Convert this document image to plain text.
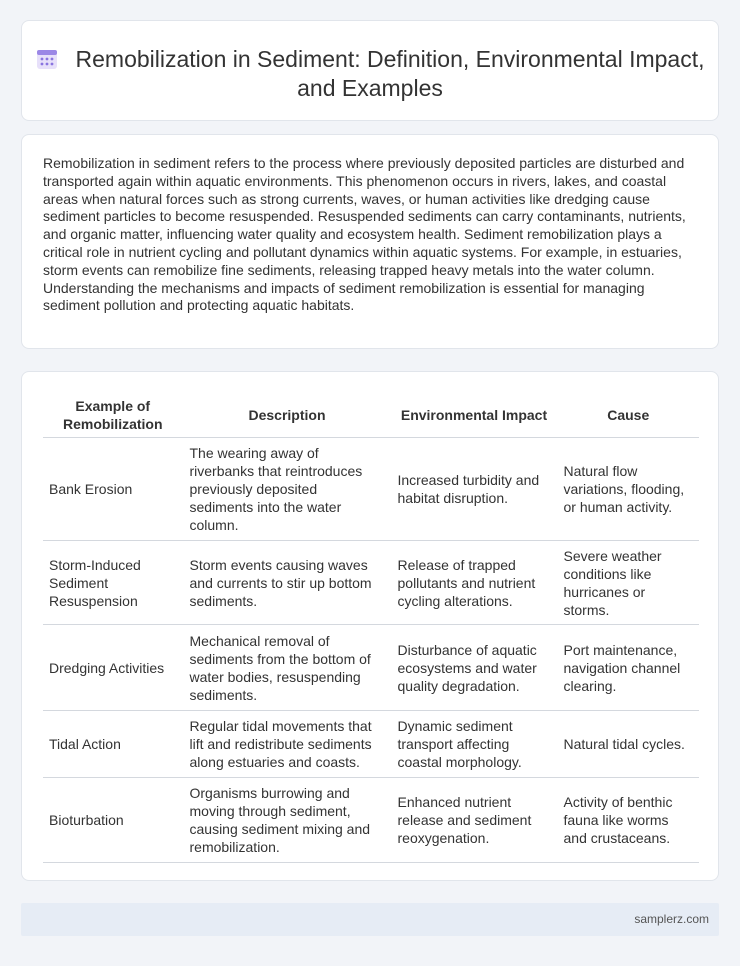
Remobilization in Sediment: Definition, Environmental Impact, and Examples

Remobilization in sediment refers to the process where previously deposited particles are disturbed and transported again within aquatic environments. This phenomenon occurs in rivers, lakes, and coastal areas when natural forces such as strong currents, waves, or human activities like dredging cause sediment particles to become resuspended. Resuspended sediments can carry contaminants, nutrients, and organic matter, influencing water quality and ecosystem health. Sediment remobilization plays a critical role in nutrient cycling and pollutant dynamics within aquatic systems. For example, in estuaries, storm events can remobilize fine sediments, releasing trapped heavy metals into the water column. Understanding the mechanisms and impacts of sediment remobilization is essential for managing sediment pollution and protecting aquatic habitats.

Example of Remobilization	Description	Environmental Impact	Cause
Bank Erosion	The wearing away of riverbanks that reintroduces previously deposited sediments into the water column.	Increased turbidity and habitat disruption.	Natural flow variations, flooding, or human activity.
Storm-Induced Sediment Resuspension	Storm events causing waves and currents to stir up bottom sediments.	Release of trapped pollutants and nutrient cycling alterations.	Severe weather conditions like hurricanes or storms.
Dredging Activities	Mechanical removal of sediments from the bottom of water bodies, resuspending sediments.	Disturbance of aquatic ecosystems and water quality degradation.	Port maintenance, navigation channel clearing.
Tidal Action	Regular tidal movements that lift and redistribute sediments along estuaries and coasts.	Dynamic sediment transport affecting coastal morphology.	Natural tidal cycles.
Bioturbation	Organisms burrowing and moving through sediment, causing sediment mixing and remobilization.	Enhanced nutrient release and sediment reoxygenation.	Activity of benthic fauna like worms and crustaceans.
samplerz.com
